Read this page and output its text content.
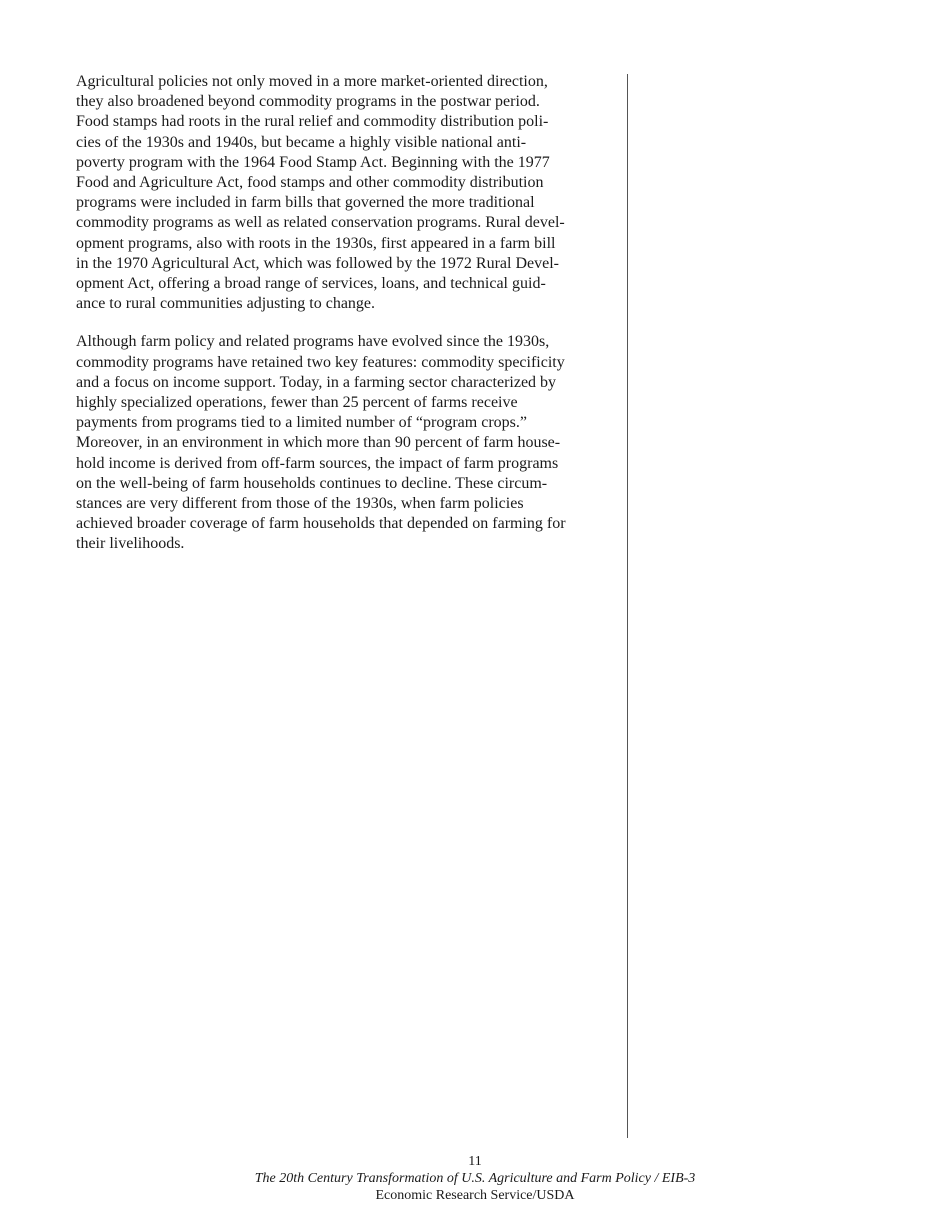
Agricultural policies not only moved in a more market-oriented direction,
they also broadened beyond commodity programs in the postwar period.
Food stamps had roots in the rural relief and commodity distribution poli-
cies of the 1930s and 1940s, but became a highly visible national anti-
poverty program with the 1964 Food Stamp Act. Beginning with the 1977
Food and Agriculture Act, food stamps and other commodity distribution
programs were included in farm bills that governed the more traditional
commodity programs as well as related conservation programs. Rural devel-
opment programs, also with roots in the 1930s, first appeared in a farm bill
in the 1970 Agricultural Act, which was followed by the 1972 Rural Devel-
opment Act, offering a broad range of services, loans, and technical guid-
ance to rural communities adjusting to change.

Although farm policy and related programs have evolved since the 1930s,
commodity programs have retained two key features: commodity specificity
and a focus on income support. Today, in a farming sector characterized by
highly specialized operations, fewer than 25 percent of farms receive
payments from programs tied to a limited number of “program crops.”
Moreover, in an environment in which more than 90 percent of farm house-
hold income is derived from off-farm sources, the impact of farm programs
on the well-being of farm households continues to decline. These circum-
stances are very different from those of the 1930s, when farm policies
achieved broader coverage of farm households that depended on farming for
their livelihoods.

11
The 20th Century Transformation of U.S. Agriculture and Farm Policy / EIB-3
Economic Research Service/USDA
